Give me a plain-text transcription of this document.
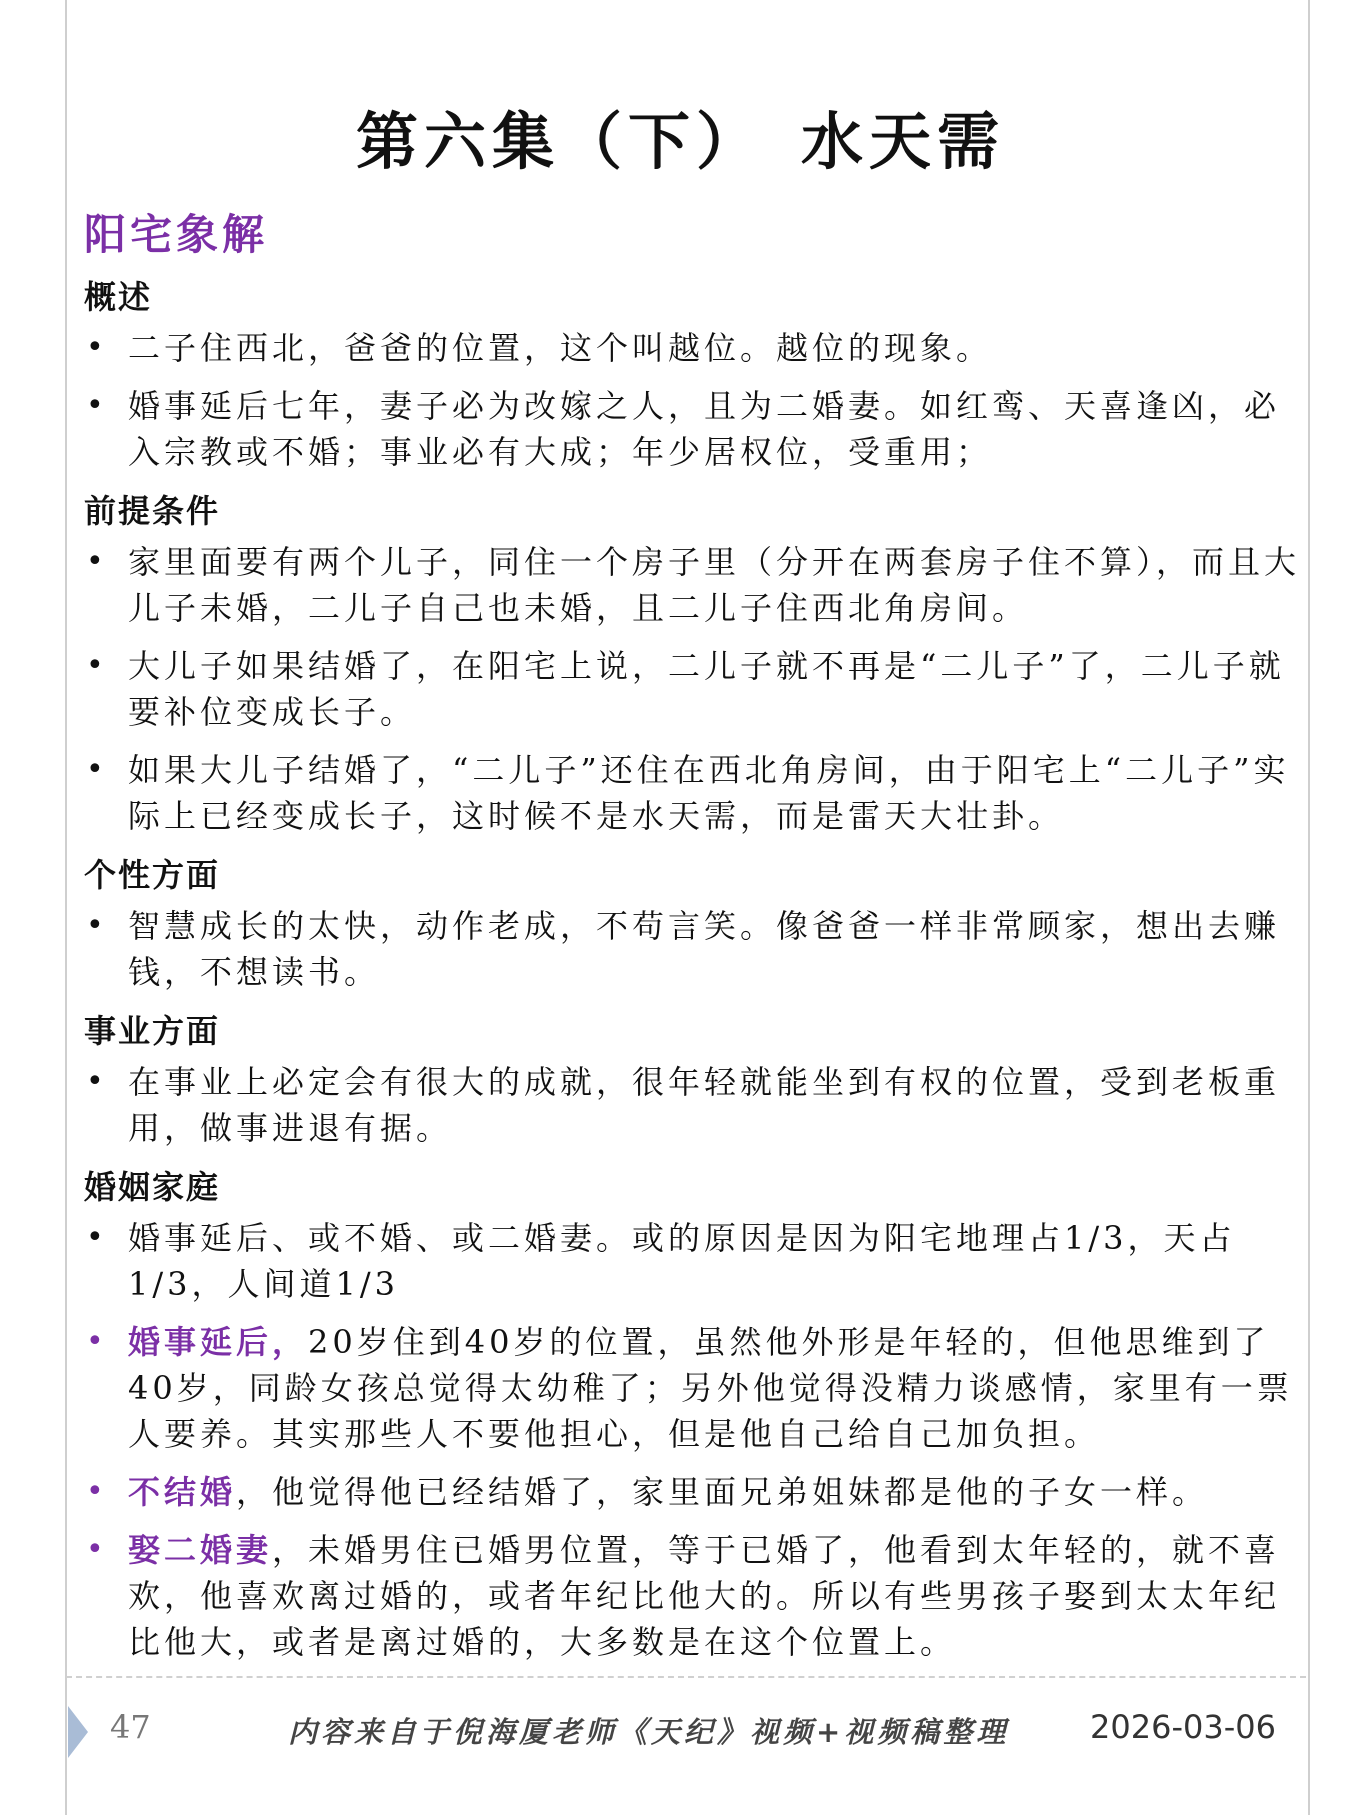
第六集（下）　水天需
阳宅象解
概述
• 二子住西北，爸爸的位置，这个叫越位。越位的现象。
• 婚事延后七年，妻子必为改嫁之人，且为二婚妻。如红鸾、天喜逢凶，必入宗教或不婚；事业必有大成；年少居权位，受重用；
前提条件
• 家里面要有两个儿子，同住一个房子里（分开在两套房子住不算），而且大儿子未婚，二儿子自己也未婚，且二儿子住西北角房间。
• 大儿子如果结婚了，在阳宅上说，二儿子就不再是“二儿子”了，二儿子就要补位变成长子。
• 如果大儿子结婚了，“二儿子”还住在西北角房间，由于阳宅上“二儿子”实际上已经变成长子，这时候不是水天需，而是雷天大壮卦。
个性方面
• 智慧成长的太快，动作老成，不苟言笑。像爸爸一样非常顾家，想出去赚钱，不想读书。
事业方面
• 在事业上必定会有很大的成就，很年轻就能坐到有权的位置，受到老板重用，做事进退有据。
婚姻家庭
• 婚事延后、或不婚、或二婚妻。或的原因是因为阳宅地理占1/3，天占1/3，人间道1/3
• 婚事延后，20岁住到40岁的位置，虽然他外形是年轻的，但他思维到了40岁，同龄女孩总觉得太幼稚了；另外他觉得没精力谈感情，家里有一票人要养。其实那些人不要他担心，但是他自己给自己加负担。
• 不结婚，他觉得他已经结婚了，家里面兄弟姐妹都是他的子女一样。
• 娶二婚妻，未婚男住已婚男位置，等于已婚了，他看到太年轻的，就不喜欢，他喜欢离过婚的，或者年纪比他大的。所以有些男孩子娶到太太年纪比他大，或者是离过婚的，大多数是在这个位置上。
47	内容来自于倪海厦老师《天纪》视频+视频稿整理	2026-03-06
